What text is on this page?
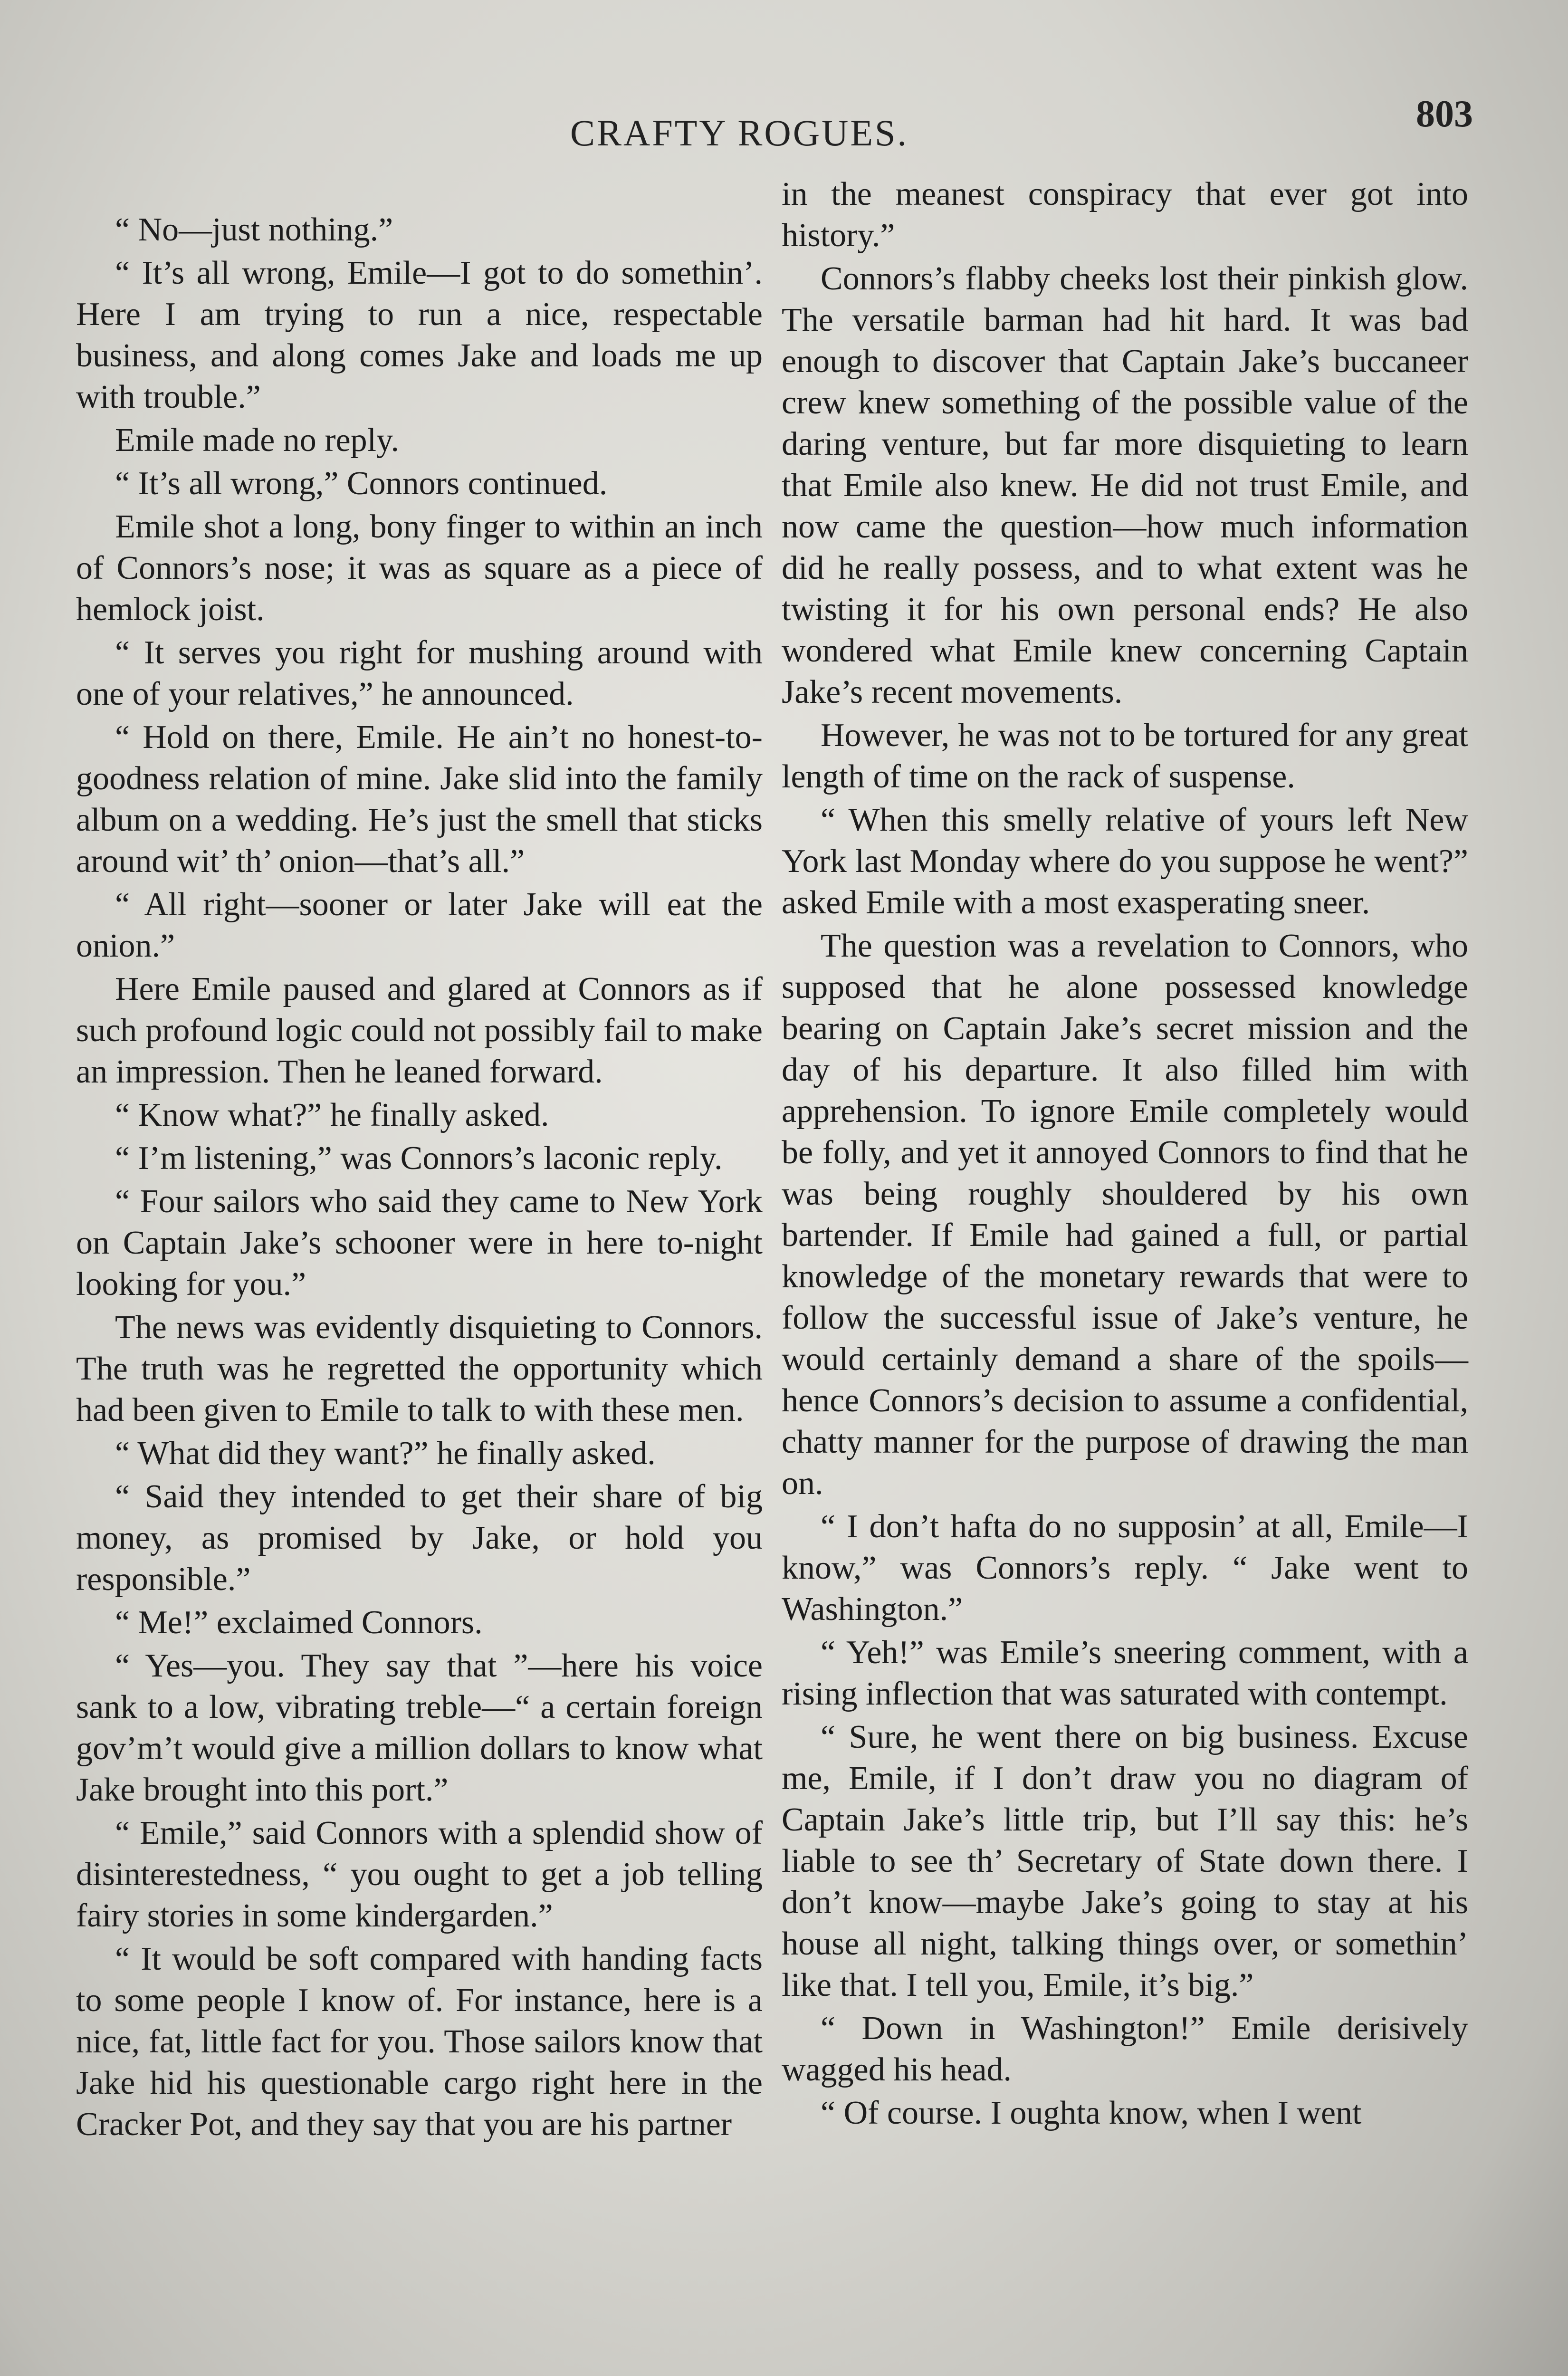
CRAFTY ROGUES.	803

“ No—just nothing.”

“ It’s all wrong, Emile—I got to do somethin’. Here I am trying to run a nice, respectable business, and along comes Jake and loads me up with trouble.”

Emile made no reply.

“ It’s all wrong,” Connors continued.

Emile shot a long, bony finger to within an inch of Connors’s nose; it was as square as a piece of hemlock joist.

“ It serves you right for mushing around with one of your relatives,” he announced.

“ Hold on there, Emile. He ain’t no honest-to-goodness relation of mine. Jake slid into the family album on a wedding. He’s just the smell that sticks around wit’ th’ onion—that’s all.”

“ All right—sooner or later Jake will eat the onion.”

Here Emile paused and glared at Connors as if such profound logic could not possibly fail to make an impression. Then he leaned forward.

“ Know what?” he finally asked.

“ I’m listening,” was Connors’s laconic reply.

“ Four sailors who said they came to New York on Captain Jake’s schooner were in here to-night looking for you.”

The news was evidently disquieting to Connors. The truth was he regretted the opportunity which had been given to Emile to talk to with these men.

“ What did they want?” he finally asked.

“ Said they intended to get their share of big money, as promised by Jake, or hold you responsible.”

“ Me!” exclaimed Connors.

“ Yes—you. They say that ”—here his voice sank to a low, vibrating treble—“ a certain foreign gov’m’t would give a million dollars to know what Jake brought into this port.”

“ Emile,” said Connors with a splendid show of disinterestedness, “ you ought to get a job telling fairy stories in some kindergarden.”

“ It would be soft compared with handing facts to some people I know of. For instance, here is a nice, fat, little fact for you. Those sailors know that Jake hid his questionable cargo right here in the Cracker Pot, and they say that you are his partner

in the meanest conspiracy that ever got into history.”

Connors’s flabby cheeks lost their pinkish glow. The versatile barman had hit hard. It was bad enough to discover that Captain Jake’s buccaneer crew knew something of the possible value of the daring venture, but far more disquieting to learn that Emile also knew. He did not trust Emile, and now came the question—how much information did he really possess, and to what extent was he twisting it for his own personal ends? He also wondered what Emile knew concerning Captain Jake’s recent movements.

However, he was not to be tortured for any great length of time on the rack of suspense.

“ When this smelly relative of yours left New York last Monday where do you suppose he went?” asked Emile with a most exasperating sneer.

The question was a revelation to Connors, who supposed that he alone possessed knowledge bearing on Captain Jake’s secret mission and the day of his departure. It also filled him with apprehension. To ignore Emile completely would be folly, and yet it annoyed Connors to find that he was being roughly shouldered by his own bartender. If Emile had gained a full, or partial knowledge of the monetary rewards that were to follow the successful issue of Jake’s venture, he would certainly demand a share of the spoils—hence Connors’s decision to assume a confidential, chatty manner for the purpose of drawing the man on.

“ I don’t hafta do no supposin’ at all, Emile—I know,” was Connors’s reply. “ Jake went to Washington.”

“ Yeh!” was Emile’s sneering comment, with a rising inflection that was saturated with contempt.

“ Sure, he went there on big business. Excuse me, Emile, if I don’t draw you no diagram of Captain Jake’s little trip, but I’ll say this: he’s liable to see th’ Secretary of State down there. I don’t know—maybe Jake’s going to stay at his house all night, talking things over, or somethin’ like that. I tell you, Emile, it’s big.”

“ Down in Washington!” Emile derisively wagged his head.

“ Of course. I oughta know, when I went
